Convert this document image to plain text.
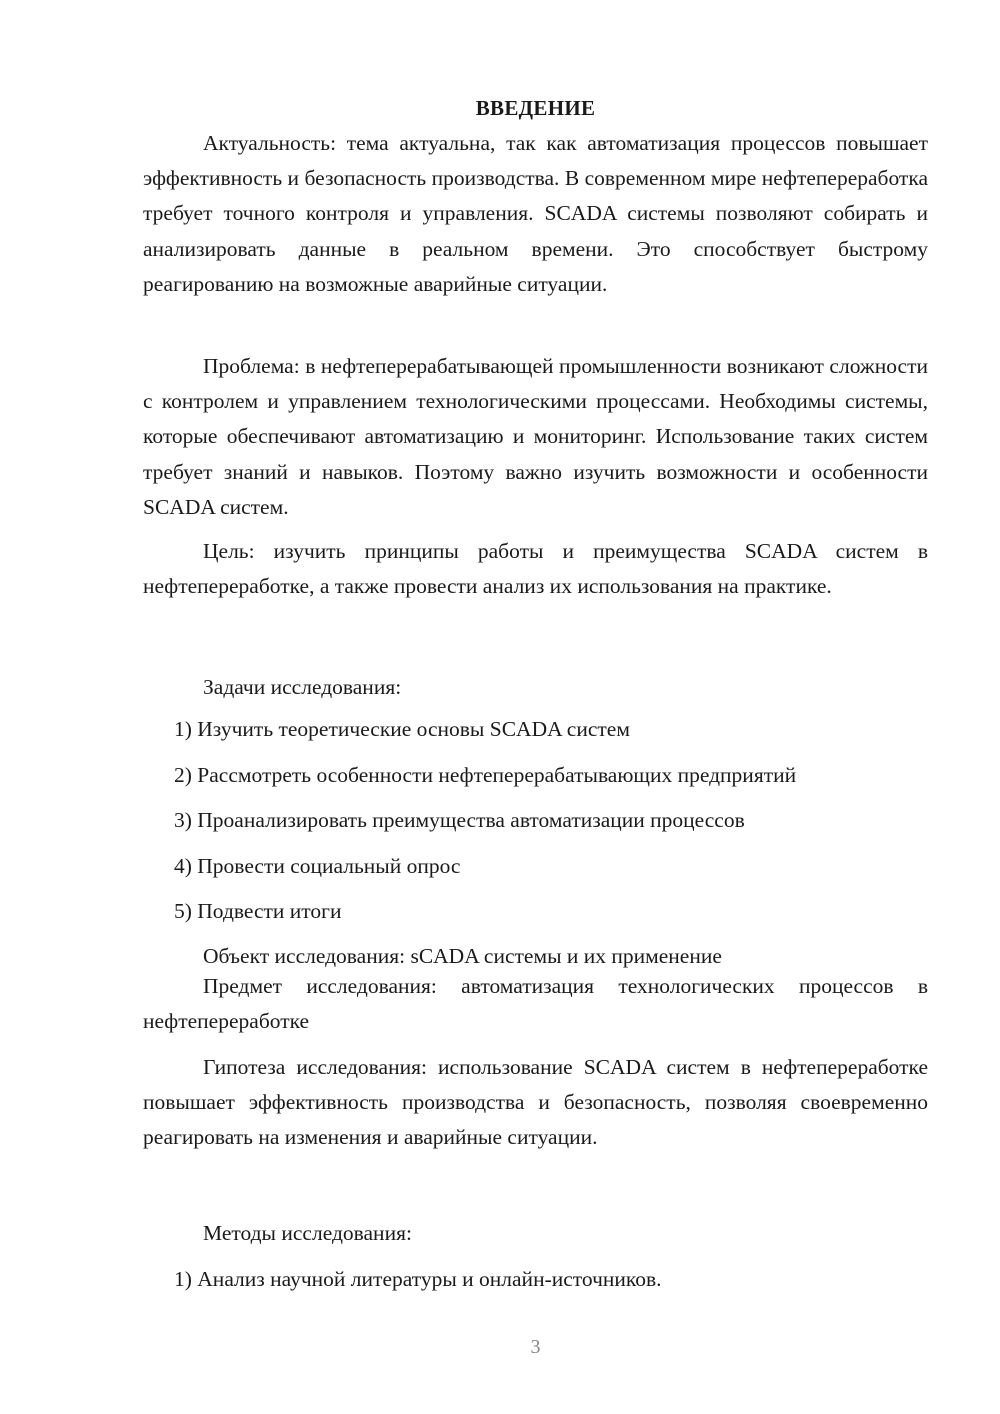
ВВЕДЕНИЕ

Актуальность: тема актуальна, так как автоматизация процессов повышает эффективность и безопасность производства. В современном мире нефтепереработка требует точного контроля и управления. SCADA системы позволяют собирать и анализировать данные в реальном времени. Это способствует быстрому реагированию на возможные аварийные ситуации.

Проблема: в нефтеперерабатывающей промышленности возникают сложности с контролем и управлением технологическими процессами. Необходимы системы, которые обеспечивают автоматизацию и мониторинг. Использование таких систем требует знаний и навыков. Поэтому важно изучить возможности и особенности SCADA систем.

Цель: изучить принципы работы и преимущества SCADA систем в нефтепереработке, а также провести анализ их использования на практике.

Задачи исследования:
1) Изучить теоретические основы SCADA систем
2) Рассмотреть особенности нефтеперерабатывающих предприятий
3) Проанализировать преимущества автоматизации процессов
4) Провести социальный опрос
5) Подвести итоги
Объект исследования: sCADA системы и их применение

Предмет исследования: автоматизация технологических процессов в нефтепереработке

Гипотеза исследования: использование SCADA систем в нефтепереработке повышает эффективность производства и безопасность, позволяя своевременно реагировать на изменения и аварийные ситуации.

Методы исследования:
1) Анализ научной литературы и онлайн-источников.
3
